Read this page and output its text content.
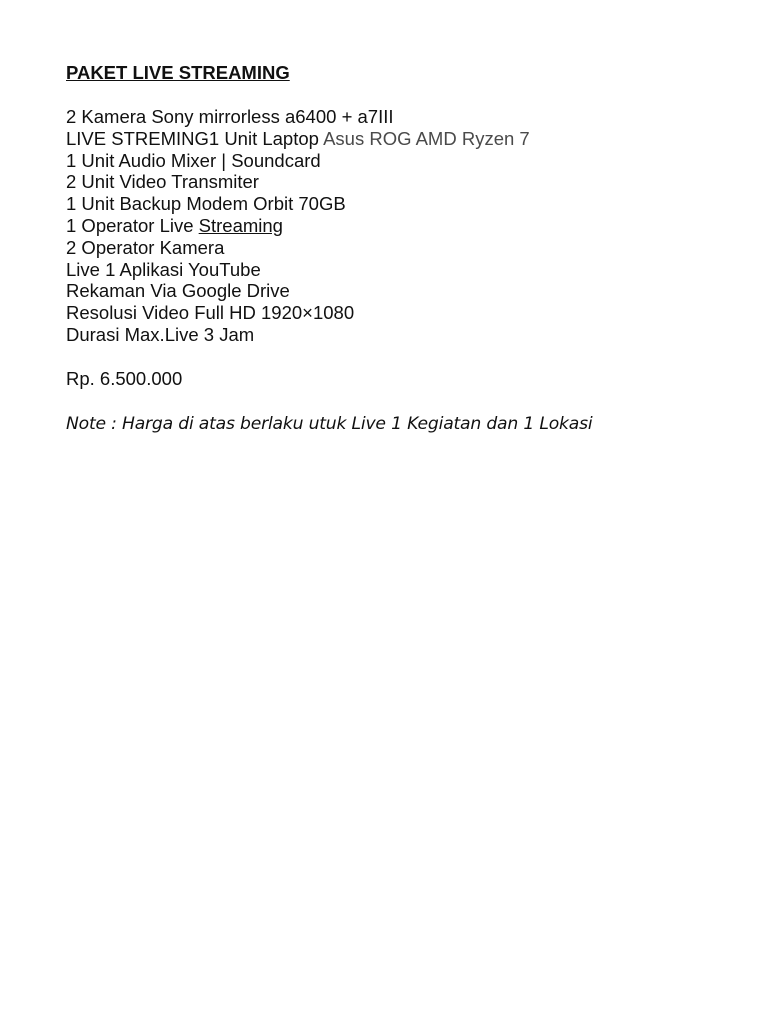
PAKET LIVE STREAMING

2 Kamera Sony mirrorless a6400 + a7III
LIVE STREMING1 Unit Laptop Asus ROG AMD Ryzen 7
1 Unit Audio Mixer | Soundcard
2 Unit Video Transmiter
1 Unit Backup Modem Orbit 70GB
1 Operator Live Streaming
2 Operator Kamera
Live 1 Aplikasi YouTube
Rekaman Via Google Drive
Resolusi Video Full HD 1920×1080
Durasi Max.Live 3 Jam
Rp. 6.500.000
Note : Harga di atas berlaku utuk Live 1 Kegiatan dan 1 Lokasi
